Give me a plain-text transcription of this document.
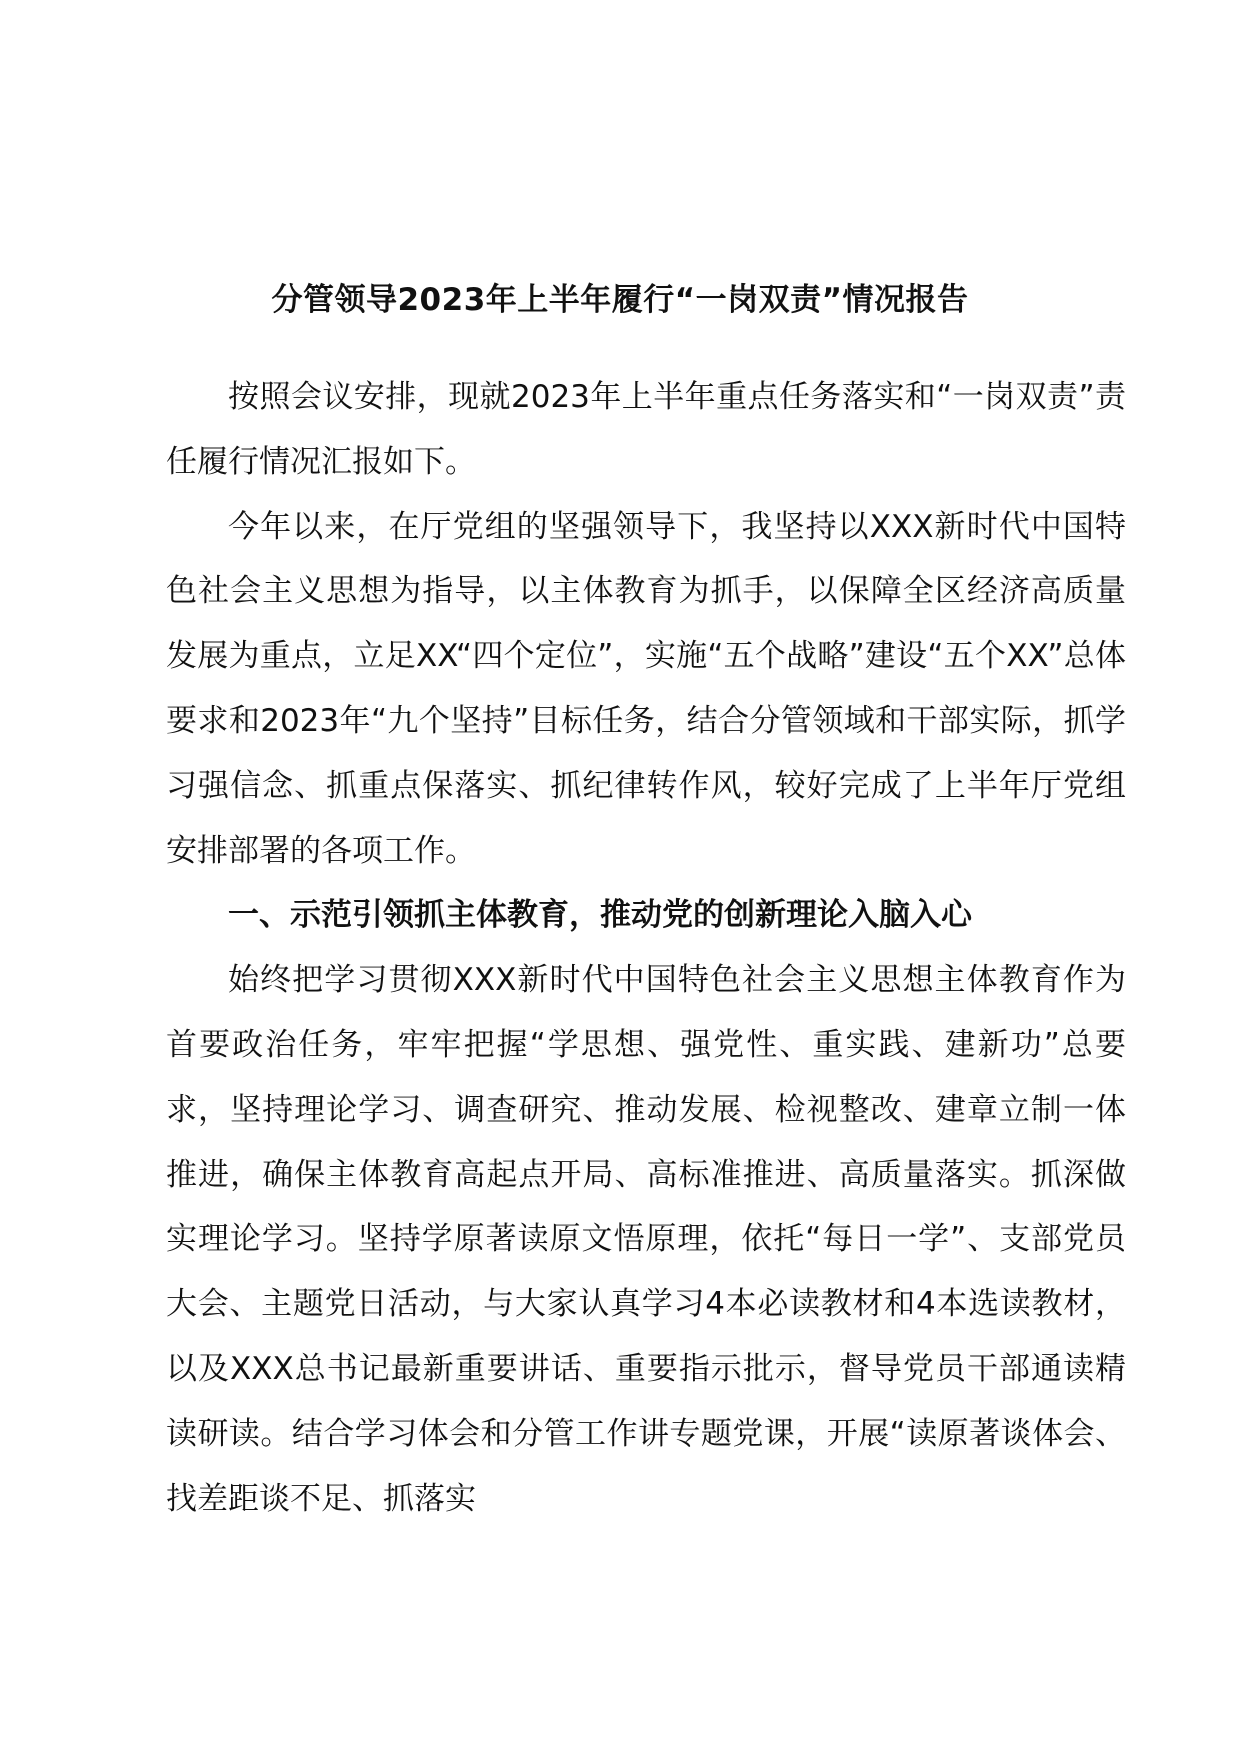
分管领导2023年上半年履行“一岗双责”情况报告

按照会议安排，现就2023年上半年重点任务落实和“一岗双责”责任履行情况汇报如下。

今年以来，在厅党组的坚强领导下，我坚持以XXX新时代中国特色社会主义思想为指导，以主体教育为抓手，以保障全区经济高质量发展为重点，立足XX“四个定位”，实施“五个战略”建设“五个XX”总体要求和2023年“九个坚持”目标任务，结合分管领域和干部实际，抓学习强信念、抓重点保落实、抓纪律转作风，较好完成了上半年厅党组安排部署的各项工作。

一、示范引领抓主体教育，推动党的创新理论入脑入心

始终把学习贯彻XXX新时代中国特色社会主义思想主体教育作为首要政治任务，牢牢把握“学思想、强党性、重实践、建新功”总要求，坚持理论学习、调查研究、推动发展、检视整改、建章立制一体推进，确保主体教育高起点开局、高标准推进、高质量落实。抓深做实理论学习。坚持学原著读原文悟原理，依托“每日一学”、支部党员大会、主题党日活动，与大家认真学习4本必读教材和4本选读教材，以及XXX总书记最新重要讲话、重要指示批示，督导党员干部通读精读研读。结合学习体会和分管工作讲专题党课，开展“读原著谈体会、找差距谈不足、抓落实
